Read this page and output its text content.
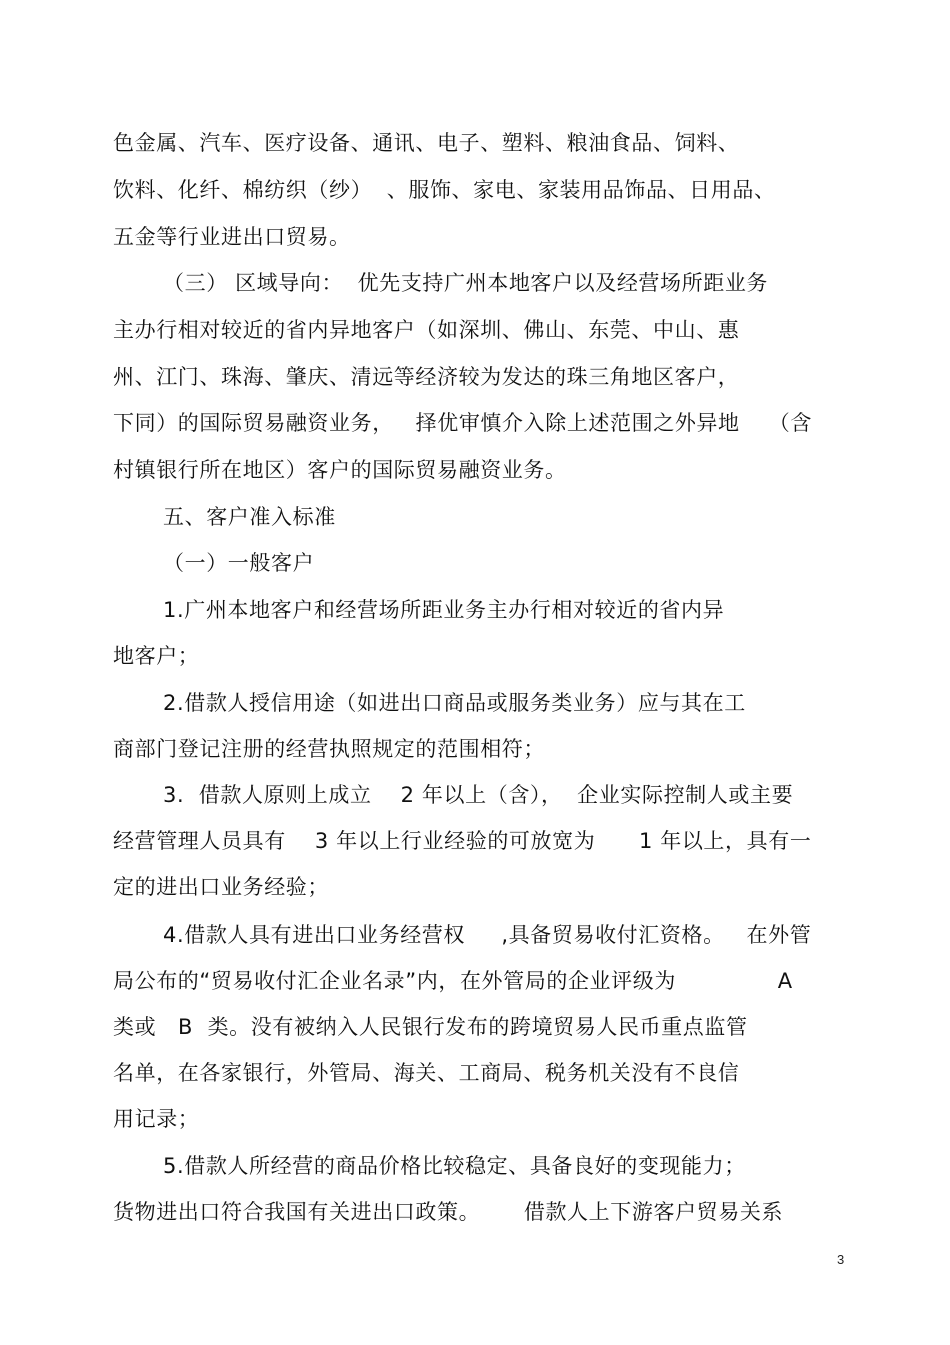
色金属、汽车、医疗设备、通讯、电子、塑料、粮油食品、饲料、
饮料、化纤、棉纺织（纱）  、服饰、家电、家装用品饰品、日用品、
五金等行业进出口贸易。
（三） 区域导向：  优先支持广州本地客户以及经营场所距业务
主办行相对较近的省内异地客户（如深圳、佛山、东莞、中山、惠
州、江门、珠海、肇庆、清远等经济较为发达的珠三角地区客户，
下同）的国际贸易融资业务，   择优审慎介入除上述范围之外异地    （含
村镇银行所在地区）客户的国际贸易融资业务。
五、客户准入标准
（一）一般客户
1.广州本地客户和经营场所距业务主办行相对较近的省内异
地客户；
2.借款人授信用途（如进出口商品或服务类业务）应与其在工
商部门登记注册的经营执照规定的范围相符；
3.  借款人原则上成立    2 年以上（含），  企业实际控制人或主要
经营管理人员具有    3 年以上行业经验的可放宽为      1 年以上，具有一
定的进出口业务经验；
4.借款人具有进出口业务经营权     ,具备贸易收付汇资格。   在外管
局公布的“贸易收付汇企业名录”内，在外管局的企业评级为              A
类或   B  类。没有被纳入人民银行发布的跨境贸易人民币重点监管
名单，在各家银行，外管局、海关、工商局、税务机关没有不良信
用记录；
5.借款人所经营的商品价格比较稳定、具备良好的变现能力；
货物进出口符合我国有关进出口政策。      借款人上下游客户贸易关系
3
